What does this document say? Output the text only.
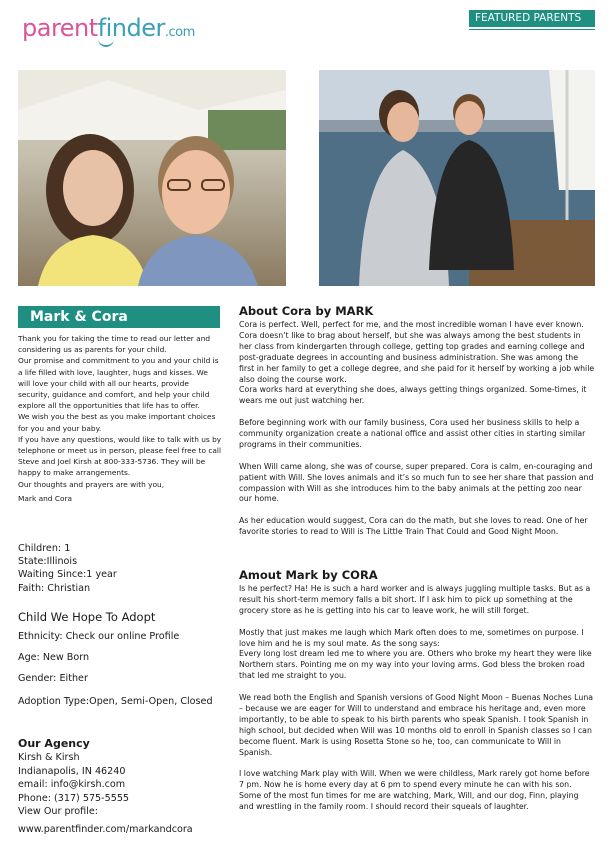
parentfinder.com
FEATURED PARENTS
Mark & Cora

Thank you for taking the time to read our letter and considering us as parents for your child.

Our promise and commitment to you and your child is a life filled with love, laughter, hugs and kisses. We will love your child with all our hearts, provide security, guidance and comfort, and help your child explore all the opportunities that life has to offer.

We wish you the best as you make important choices for you and your baby.

If you have any questions, would like to talk with us by telephone or meet us in person, please feel free to call Steve and Joel Kirsh at 800-333-5736. They will be happy to make arrangements.

Our thoughts and prayers are with you,

Mark and Cora

Children: 1
State:Illinois
Waiting Since:1 year
Faith: Christian
Child We Hope To Adopt
Ethnicity: Check our online Profile
Age: New Born
Gender: Either
Adoption Type:Open, Semi-Open, Closed
Our Agency
Kirsh & Kirsh
Indianapolis, IN 46240
email: info@kirsh.com
Phone: (317) 575-5555
View Our profile:
www.parentfinder.com/markandcora
About Cora by MARK

Cora is perfect. Well, perfect for me, and the most incredible woman I have ever known. Cora doesn’t like to brag about herself, but she was always among the best students in her class from kindergarten through college, getting top grades and earning college and post-graduate degrees in accounting and business administration. She was among the first in her family to get a college degree, and she paid for it herself by working a job while also doing the course work.

Cora works hard at everything she does, always getting things organized. Some-times, it wears me out just watching her.

Before beginning work with our family business, Cora used her business skills to help a community organization create a national office and assist other cities in starting similar programs in their communities.

When Will came along, she was of course, super prepared. Cora is calm, en-couraging and patient with Will. She loves animals and it’s so much fun to see her share that passion and compassion with Will as she introduces him to the baby animals at the petting zoo near our home.

As her education would suggest, Cora can do the math, but she loves to read. One of her favorite stories to read to Will is The Little Train That Could and Good Night Moon.

Amout Mark by CORA

Is he perfect? Ha! He is such a hard worker and is always juggling multiple tasks. But as a result his short-term memory falls a bit short. If I ask him to pick up something at the grocery store as he is getting into his car to leave work, he will still forget.

Mostly that just makes me laugh which Mark often does to me, sometimes on purpose. I love him and he is my soul mate. As the song says:

Every long lost dream led me to where you are. Others who broke my heart they were like Northern stars. Pointing me on my way into your loving arms. God bless the broken road that led me straight to you.

We read both the English and Spanish versions of Good Night Moon – Buenas Noches Luna – because we are eager for Will to understand and embrace his heritage and, even more importantly, to be able to speak to his birth parents who speak Spanish. I took Spanish in high school, but decided when Will was 10 months old to enroll in Spanish classes so I can become fluent. Mark is using Rosetta Stone so he, too, can communicate to Will in Spanish.

I love watching Mark play with Will. When we were childless, Mark rarely got home before 7 pm. Now he is home every day at 6 pm to spend every minute he can with his son. Some of the most fun times for me are watching, Mark, Will, and our dog, Finn, playing and wrestling in the family room. I should record their squeals of laughter.
